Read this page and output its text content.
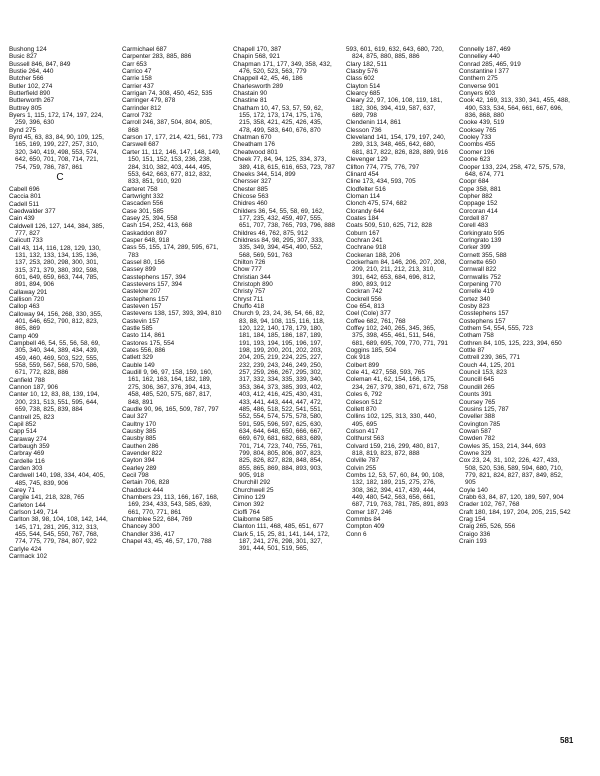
Bushong 124
Busic 827
Bussell 846, 847, 849
Bustie 264, 440
Butcher 566
Butler 102, 274
Butterfield 890
Butterworth 267
Buttrey 805
Byers 1, 115, 172, 174, 197, 224, 259, 396, 630
Bynd 275
Byrd 45, 63, 83, 84, 90, 109, 125, 165, 169, 199, 227, 257, 310, 320, 340, 419, 498, 553, 574, 642, 650, 701, 708, 714, 721, 754, 759, 786, 787, 861
C
Cabell 696
Caccia 801
Cadell 511
Caedwalder 377
Cain 439
Caldwell 126, 127, 144, 384, 385, 777, 827
Calicutt 733
Call 43, 114, 116, 128, 129, 130, 131, 132, 133, 134, 135, 136, 137, 253, 280, 298, 300, 301, 315, 371, 379, 380, 392, 598, 601, 649, 659, 663, 744, 785, 891, 894, 906
Callaway 291
Callison 720
Callop 463
Calloway 94, 156, 268, 330, 355, 401, 646, 652, 790, 812, 823, 865, 869
Camp 409
Campbell 46, 54, 55, 56, 58, 69, 305, 340, 344, 389, 434, 439, 459, 460, 469, 503, 522, 555, 558, 559, 567, 568, 570, 586, 671, 772, 828, 886
Canfield 788
Cannon 187, 906
Canter 10, 12, 83, 88, 139, 194, 200, 231, 513, 551, 595, 644, 659, 738, 825, 839, 884
Cantrell 25, 823
Capil 852
Capp 514
Caraway 274
Carbaugh 359
Carbray 469
Cardelle 116
Carden 303
Cardwell 140, 198, 334, 404, 405, 485, 745, 839, 906
Carey 71
Cargile 141, 218, 328, 765
Carleton 144
Carlson 149, 714
Carlton 38, 98, 104, 108, 142, 144, 145, 171, 281, 295, 312, 313, 455, 544, 545, 550, 767, 768, 774, 775, 779, 784, 807, 922
Carlyle 424
Carmack 102
Carmichael 687
Carpenter 283, 885, 886
Carr 653
Carrico 47
Carrie 158
Carrier 437
Carrigan 74, 308, 450, 452, 535
Carringer 479, 878
Carrinder 812
Carrol 732
Carroll 246, 387, 504, 804, 805, 868
Carson 17, 177, 214, 421, 561, 773
Carswell 687
Carter 11, 112, 146, 147, 148, 149, 150, 151, 152, 153, 236, 238, 284, 310, 382, 403, 444, 495, 553, 642, 663, 677, 812, 832, 833, 851, 910, 920
Carteret 758
Cartwright 332
Cascaden 556
Case 301, 585
Casey 25, 394, 558
Cash 154, 252, 413, 668
Caskaddon 897
Casper 648, 918
Cass 55, 155, 174, 289, 595, 671, 783
Cassel 80, 156
Cassey 899
Casstephens 157, 394
Casstevens 157, 394
Castelow 207
Castephens 157
Casteven 157
Castevens 138, 157, 393, 394, 810
Castevin 157
Castle 585
Casto 114, 861
Castores 175, 554
Cates 556, 886
Catlett 329
Cauble 149
Caudill 9, 96, 97, 158, 159, 160, 161, 162, 163, 164, 182, 189, 275, 306, 367, 376, 394, 413, 458, 485, 520, 575, 687, 817, 848, 891
Caudle 90, 96, 165, 509, 787, 797
Caul 327
Caultny 170
Causby 385
Causby 885
Cauthen 286
Cavender 822
Cayton 394
Cearley 289
Cecil 798
Certain 706, 828
Chadduck 444
Chambers 23, 113, 166, 167, 168, 169, 234, 433, 543, 585, 639, 661, 770, 771, 861
Chamblee 522, 684, 769
Chancey 300
Chandler 336, 417
Chapel 43, 45, 46, 57, 170, 788
Chapell 170, 387
Chapin 568, 921
Chapman 171, 177, 349, 358, 432, 476, 520, 523, 563, 779
Chappell 42, 45, 46, 186
Charlesworth 289
Chastain 90
Chastine 81
Chatham 10, 47, 53, 57, 59, 62, 155, 172, 173, 174, 175, 176, 215, 358, 421, 425, 426, 435, 478, 499, 583, 640, 676, 870
Chatman 670
Cheatham 176
Cheatwood 801
Cheek 77, 84, 94, 125, 334, 373, 389, 418, 615, 616, 653, 723, 787
Cheeks 344, 514, 899
Chersser 327
Chester 885
Chicose 563
Chidres 460
Childers 36, 54, 55, 58, 69, 162, 177, 235, 432, 459, 497, 555, 651, 707, 738, 765, 793, 796, 888
Childres 46, 762, 875, 912
Childress 84, 98, 295, 307, 333, 335, 349, 394, 454, 490, 552, 568, 569, 591, 763
Chilton 726
Chow 777
Christian 344
Christoph 890
Christy 757
Chryst 711
Chuffo 418
Church 9, 23, 24, 36, 54, 66, 82, 83, 88, 94, 108, 115, 116, 118, 120, 122, 140, 178, 179, 180, 181, 184, 185, 186, 187, 189, 191, 193, 194, 195, 196, 197, 198, 199, 200, 201, 202, 203, 204, 205, 219, 224, 225, 227, 232, 239, 243, 246, 249, 250, 257, 259, 266, 267, 295, 302, 317, 332, 334, 335, 339, 340, 353, 364, 373, 385, 393, 402, 403, 412, 416, 425, 430, 431, 433, 441, 443, 444, 447, 472, 485, 486, 518, 522, 541, 551, 552, 554, 574, 575, 578, 580, 591, 595, 596, 597, 625, 630, 634, 644, 648, 650, 666, 667, 669, 679, 681, 682, 683, 689, 701, 714, 723, 740, 755, 761, 799, 804, 805, 806, 807, 823, 825, 826, 827, 828, 848, 854, 855, 865, 869, 884, 893, 903, 905, 918
Churchill 292
Churchwell 25
Cimino 129
Cimon 392
Cioffi 764
Claiborne 585
Clanton 111, 468, 485, 651, 677
Clark 5, 15, 25, 81, 141, 144, 172, 187, 241, 276, 298, 301, 327, 391, 444, 501, 519, 565,
593, 601, 619, 632, 643, 680, 720, 824, 875, 880, 885, 886
Clary 182, 511
Clasby 576
Class 602
Clayton 514
Clearcy 685
Cleary 22, 97, 106, 108, 119, 181, 182, 306, 394, 419, 587, 637, 689, 798
Clendenin 114, 861
Clesson 736
Cleveland 141, 154, 179, 197, 240, 289, 313, 348, 465, 642, 680, 681, 817, 822, 826, 828, 889, 916
Clevenger 129
Clifton 774, 775, 776, 797
Clinard 454
Cline 173, 434, 593, 705
Clodfelter 516
Cloman 114
Clonch 475, 574, 682
Clorandy 644
Coates 184
Coats 509, 510, 625, 712, 828
Coburn 167
Cochran 241
Cochrane 918
Cockeran 188, 206
Cockerham 84, 146, 206, 207, 208, 209, 210, 211, 212, 213, 310, 391, 642, 653, 684, 696, 812, 890, 893, 912
Cockran 742
Cockrell 556
Coe 654, 813
Coel (Cole) 377
Coffee 682, 761, 768
Coffey 102, 240, 265, 345, 365, 375, 398, 455, 461, 511, 546, 681, 689, 695, 709, 770, 771, 791
Coggins 185, 504
Cok 918
Colbert 899
Cole 41, 427, 558, 593, 765
Coleman 41, 62, 154, 166, 175, 234, 267, 379, 380, 671, 672, 758
Coles 6, 792
Coleson 512
Collett 870
Collins 102, 125, 313, 330, 440, 495, 695
Colson 417
Colthurst 563
Colvard 159, 216, 299, 480, 817, 818, 819, 823, 872, 888
Colville 787
Colvin 255
Combs 12, 53, 57, 60, 84, 90, 108, 132, 182, 189, 215, 275, 276, 308, 362, 394, 417, 439, 444, 449, 480, 542, 563, 656, 661, 687, 719, 763, 781, 785, 891, 893
Comer 187, 246
Commbs 84
Compton 409
Conn 6
Connelly 187, 469
Connelley 440
Conrad 285, 465, 919
Constantine I 377
Conthern 275
Converse 901
Conyers 603
Cook 42, 169, 313, 330, 341, 455, 488, 490, 533, 534, 564, 661, 667, 696, 836, 868, 880
Cooke 439, 519
Cooksey 765
Cooley 733
Coombs 455
Coomer 196
Coone 623
Cooper 133, 224, 258, 472, 575, 578, 648, 674, 771
Coopr 684
Cope 358, 881
Copher 882
Coppage 152
Corcoran 414
Cordell 87
Corell 483
Corkingrato 595
Corlngrato 139
Corker 399
Cornett 355, 588
Cornette 650
Cornwall 822
Cornwallis 752
Corpening 770
Correlle 419
Cortez 340
Cosby 823
Cosstephens 157
Costephens 157
Cothem 54, 554, 555, 723
Cotham 758
Cothren 84, 105, 125, 223, 394, 650
Cottle 87
Cottrell 239, 365, 771
Couch 44, 125, 201
Council 153, 823
Councill 645
Coundill 265
Counts 391
Coursey 765
Cousins 125, 787
Coveller 388
Covington 785
Cowan 587
Cowden 782
Cowles 35, 153, 214, 344, 693
Cowne 329
Cox 23, 24, 31, 102, 226, 427, 433, 508, 520, 536, 589, 594, 680, 710, 779, 821, 824, 827, 837, 849, 852, 905
Coyle 140
Crabb 63, 84, 87, 120, 189, 597, 904
Crader 102, 767, 768
Craft 180, 184, 197, 204, 205, 215, 542
Crag 154
Craig 265, 526, 556
Craigo 336
Crain 193
581
